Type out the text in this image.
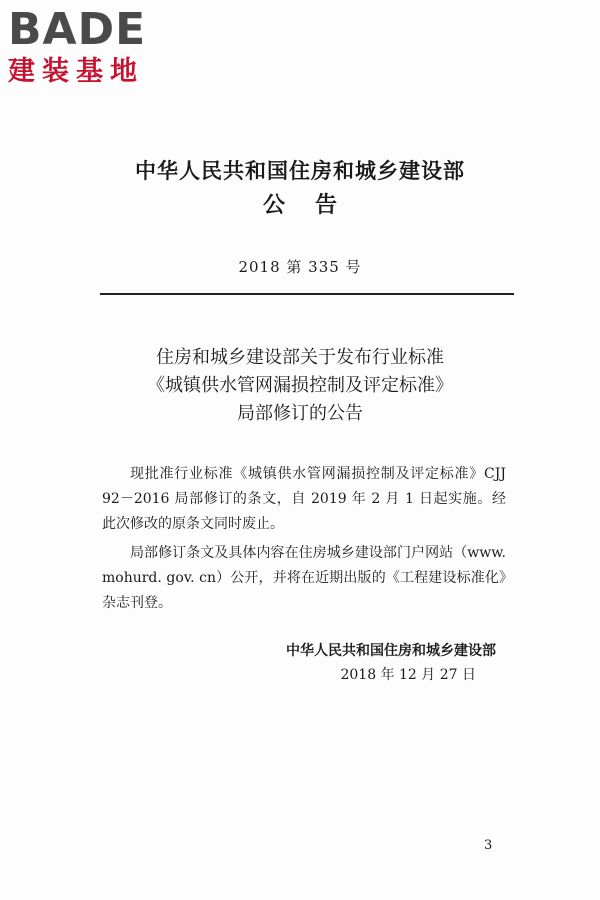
BADE
建装基地
中华人民共和国住房和城乡建设部
公告
2018 第 335 号
住房和城乡建设部关于发布行业标准
《城镇供水管网漏损控制及评定标准》
局部修订的公告

现批准行业标准《城镇供水管网漏损控制及评定标准》CJJ 92－2016 局部修订的条文，自 2019 年 2 月 1 日起实施。经此次修改的原条文同时废止。

局部修订条文及具体内容在住房城乡建设部门户网站（www. mohurd. gov. cn）公开，并将在近期出版的《工程建设标准化》杂志刊登。

中华人民共和国住房和城乡建设部
2018 年 12 月 27 日
3
